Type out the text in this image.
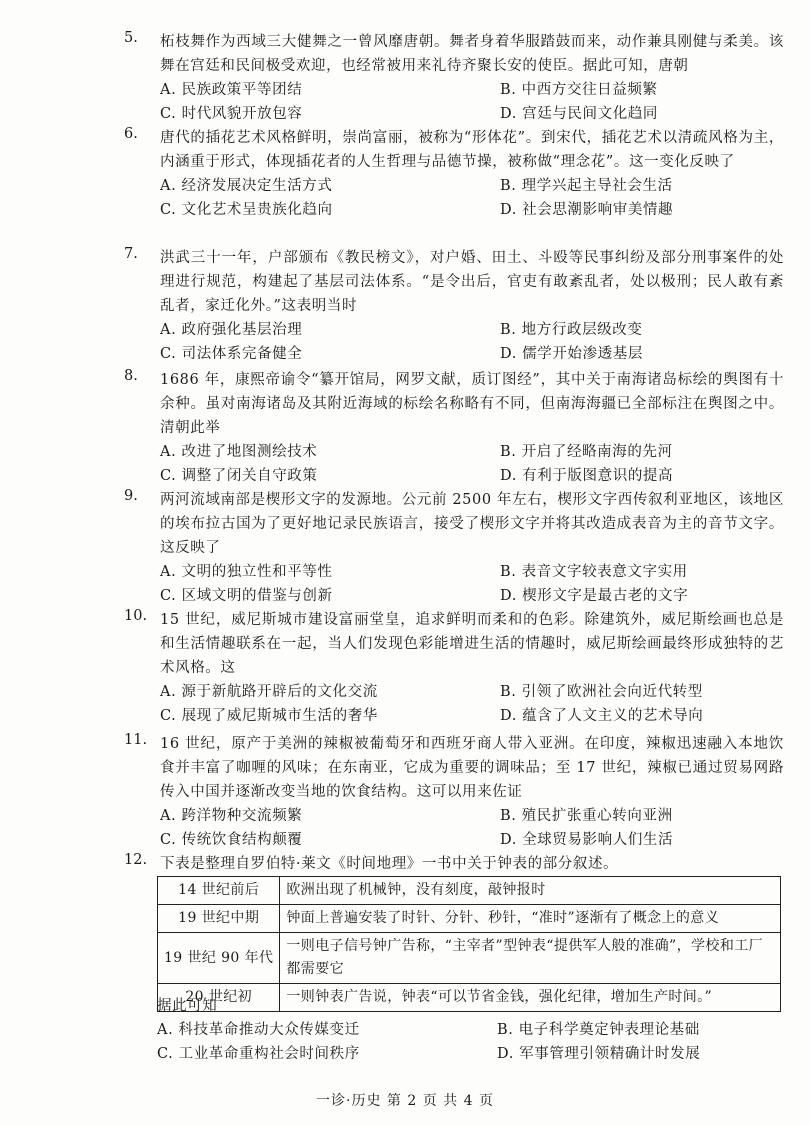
5.	柘枝舞作为西域三大健舞之一曾风靡唐朝。舞者身着华服踏鼓而来，动作兼具刚健与柔美。该舞在宫廷和民间极受欢迎，也经常被用来礼待齐聚长安的使臣。据此可知，唐朝
A. 民族政策平等团结	B. 中西方交往日益频繁
C. 时代风貌开放包容	D. 宫廷与民间文化趋同
6.	唐代的插花艺术风格鲜明，崇尚富丽，被称为“形体花”。到宋代，插花艺术以清疏风格为主，内涵重于形式，体现插花者的人生哲理与品德节操，被称做“理念花”。这一变化反映了
A. 经济发展决定生活方式	B. 理学兴起主导社会生活
C. 文化艺术呈贵族化趋向	D. 社会思潮影响审美情趣
7.	洪武三十一年，户部颁布《教民榜文》，对户婚、田土、斗殴等民事纠纷及部分刑事案件的处理进行规范，构建起了基层司法体系。“是令出后，官吏有敢紊乱者，处以极刑；民人敢有紊乱者，家迁化外。”这表明当时
A. 政府强化基层治理	B. 地方行政层级改变
C. 司法体系完备健全	D. 儒学开始渗透基层
8.	1686 年，康熙帝谕令“纂开馆局，网罗文献，质订图经”，其中关于南海诸岛标绘的舆图有十余种。虽对南海诸岛及其附近海域的标绘名称略有不同，但南海海疆已全部标注在舆图之中。清朝此举
A. 改进了地图测绘技术	B. 开启了经略南海的先河
C. 调整了闭关自守政策	D. 有利于版图意识的提高
9.	两河流域南部是楔形文字的发源地。公元前 2500 年左右，楔形文字西传叙利亚地区，该地区的埃布拉古国为了更好地记录民族语言，接受了楔形文字并将其改造成表音为主的音节文字。这反映了
A. 文明的独立性和平等性	B. 表音文字较表意文字实用
C. 区域文明的借鉴与创新	D. 楔形文字是最古老的文字
10. 15 世纪，威尼斯城市建设富丽堂皇，追求鲜明而柔和的色彩。除建筑外，威尼斯绘画也总是和生活情趣联系在一起，当人们发现色彩能增进生活的情趣时，威尼斯绘画最终形成独特的艺术风格。这
A. 源于新航路开辟后的文化交流	B. 引领了欧洲社会向近代转型
C. 展现了威尼斯城市生活的奢华	D. 蕴含了人文主义的艺术导向
11. 16 世纪，原产于美洲的辣椒被葡萄牙和西班牙商人带入亚洲。在印度，辣椒迅速融入本地饮食并丰富了咖喱的风味；在东南亚，它成为重要的调味品；至 17 世纪，辣椒已通过贸易网路传入中国并逐渐改变当地的饮食结构。这可以用来佐证
A. 跨洋物种交流频繁	B. 殖民扩张重心转向亚洲
C. 传统饮食结构颠覆	D. 全球贸易影响人们生活
12. 下表是整理自罗伯特·莱文《时间地理》一书中关于钟表的部分叙述。
14 世纪前后	欧洲出现了机械钟，没有刻度，敲钟报时
19 世纪中期	钟面上普遍安装了时针、分针、秒针，“准时”逐渐有了概念上的意义
19 世纪 90 年代	一则电子信号钟广告称，“主宰者”型钟表“提供军人般的准确”，学校和工厂都需要它
20 世纪初	一则钟表广告说，钟表“可以节省金钱，强化纪律，增加生产时间。”
据此可知
A. 科技革命推动大众传媒变迁	B. 电子科学奠定钟表理论基础
C. 工业革命重构社会时间秩序	D. 军事管理引领精确计时发展
一诊·历史 第 2 页 共 4 页
